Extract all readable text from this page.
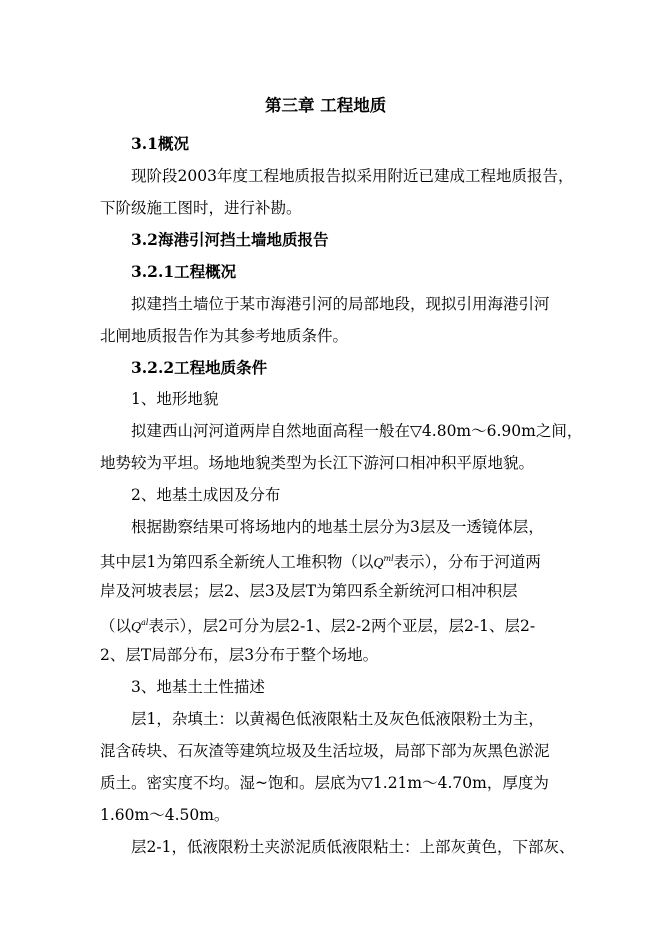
第三章 工程地质
3.1概况
现阶段2003年度工程地质报告拟采用附近已建成工程地质报告，
下阶级施工图时，进行补勘。
3.2海港引河挡土墙地质报告
3.2.1工程概况
拟建挡土墙位于某市海港引河的局部地段，现拟引用海港引河
北闸地质报告作为其参考地质条件。
3.2.2工程地质条件
1、地形地貌
拟建西山河河道两岸自然地面高程一般在▽4.80m～6.90m之间，
地势较为平坦。场地地貌类型为长江下游河口相冲积平原地貌。
2、地基土成因及分布
根据勘察结果可将场地内的地基土层分为3层及一透镜体层，
其中层1为第四系全新统人工堆积物（以$Q^{ml}$表示），分布于河道两
岸及河坡表层；层2、层3及层T为第四系全新统河口相冲积层
（以$Q^{al}$表示），层2可分为层2-1、层2-2两个亚层，层2-1、层2-
2、层T局部分布，层3分布于整个场地。
3、地基土土性描述
层1，杂填土：以黄褐色低液限粘土及灰色低液限粉土为主，
混含砖块、石灰渣等建筑垃圾及生活垃圾，局部下部为灰黑色淤泥
质土。密实度不均。湿~饱和。层底为▽1.21m～4.70m，厚度为
1.60m～4.50m。
层2-1，低液限粉土夹淤泥质低液限粘土：上部灰黄色，下部灰、
